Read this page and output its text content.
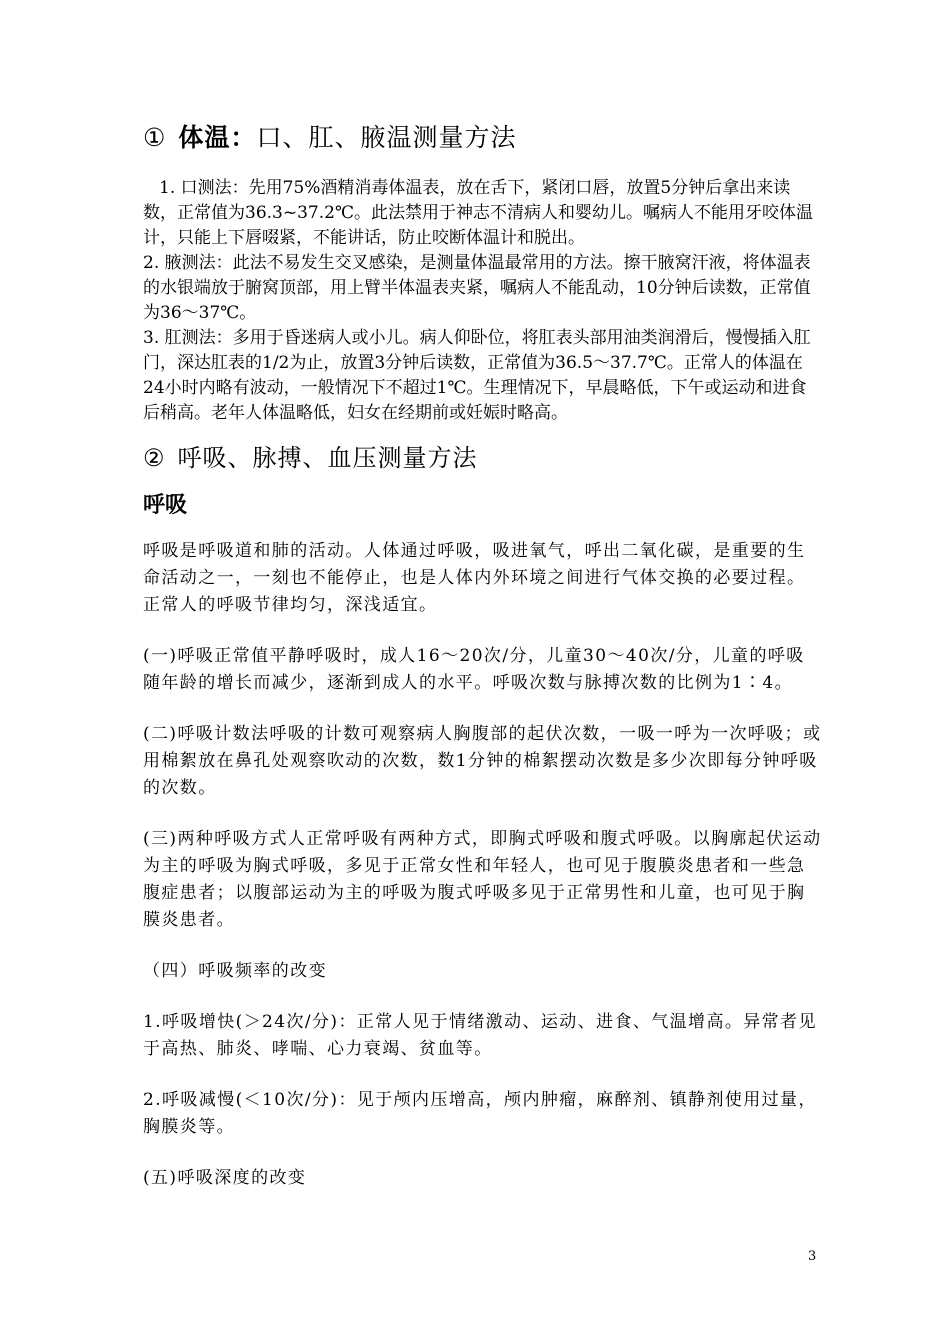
① 体温：口、肛、腋温测量方法

1. 口测法：先用75%酒精消毒体温表，放在舌下，紧闭口唇，放置5分钟后拿出来读数，正常值为36.3~37.2℃。此法禁用于神志不清病人和婴幼儿。嘱病人不能用牙咬体温计，只能上下唇啜紧，不能讲话，防止咬断体温计和脱出。

2. 腋测法：此法不易发生交叉感染，是测量体温最常用的方法。擦干腋窝汗液，将体温表的水银端放于腑窝顶部，用上臂半体温表夹紧，嘱病人不能乱动，10分钟后读数，正常值为36～37℃。

3. 肛测法：多用于昏迷病人或小儿。病人仰卧位，将肛表头部用油类润滑后，慢慢插入肛门，深达肛表的1/2为止，放置3分钟后读数，正常值为36.5～37.7℃。正常人的体温在24小时内略有波动，一般情况下不超过1℃。生理情况下，早晨略低，下午或运动和进食后稍高。老年人体温略低，妇女在经期前或妊娠时略高。

② 呼吸、脉搏、血压测量方法
呼吸

呼吸是呼吸道和肺的活动。人体通过呼吸，吸进氧气，呼出二氧化碳，是重要的生命活动之一，一刻也不能停止，也是人体内外环境之间进行气体交换的必要过程。正常人的呼吸节律均匀，深浅适宜。

(一)呼吸正常值平静呼吸时，成人16～20次/分，儿童30～40次/分，儿童的呼吸随年龄的增长而减少，逐渐到成人的水平。呼吸次数与脉搏次数的比例为1∶4。

(二)呼吸计数法呼吸的计数可观察病人胸腹部的起伏次数，一吸一呼为一次呼吸；或用棉絮放在鼻孔处观察吹动的次数，数1分钟的棉絮摆动次数是多少次即每分钟呼吸的次数。

(三)两种呼吸方式人正常呼吸有两种方式，即胸式呼吸和腹式呼吸。以胸廓起伏运动为主的呼吸为胸式呼吸，多见于正常女性和年轻人，也可见于腹膜炎患者和一些急腹症患者；以腹部运动为主的呼吸为腹式呼吸多见于正常男性和儿童，也可见于胸膜炎患者。

（四）呼吸频率的改变

1.呼吸增快(＞24次/分)：正常人见于情绪激动、运动、进食、气温增高。异常者见于高热、肺炎、哮喘、心力衰竭、贫血等。

2.呼吸减慢(＜10次/分)：见于颅内压增高，颅内肿瘤，麻醉剂、镇静剂使用过量，胸膜炎等。

(五)呼吸深度的改变

3
